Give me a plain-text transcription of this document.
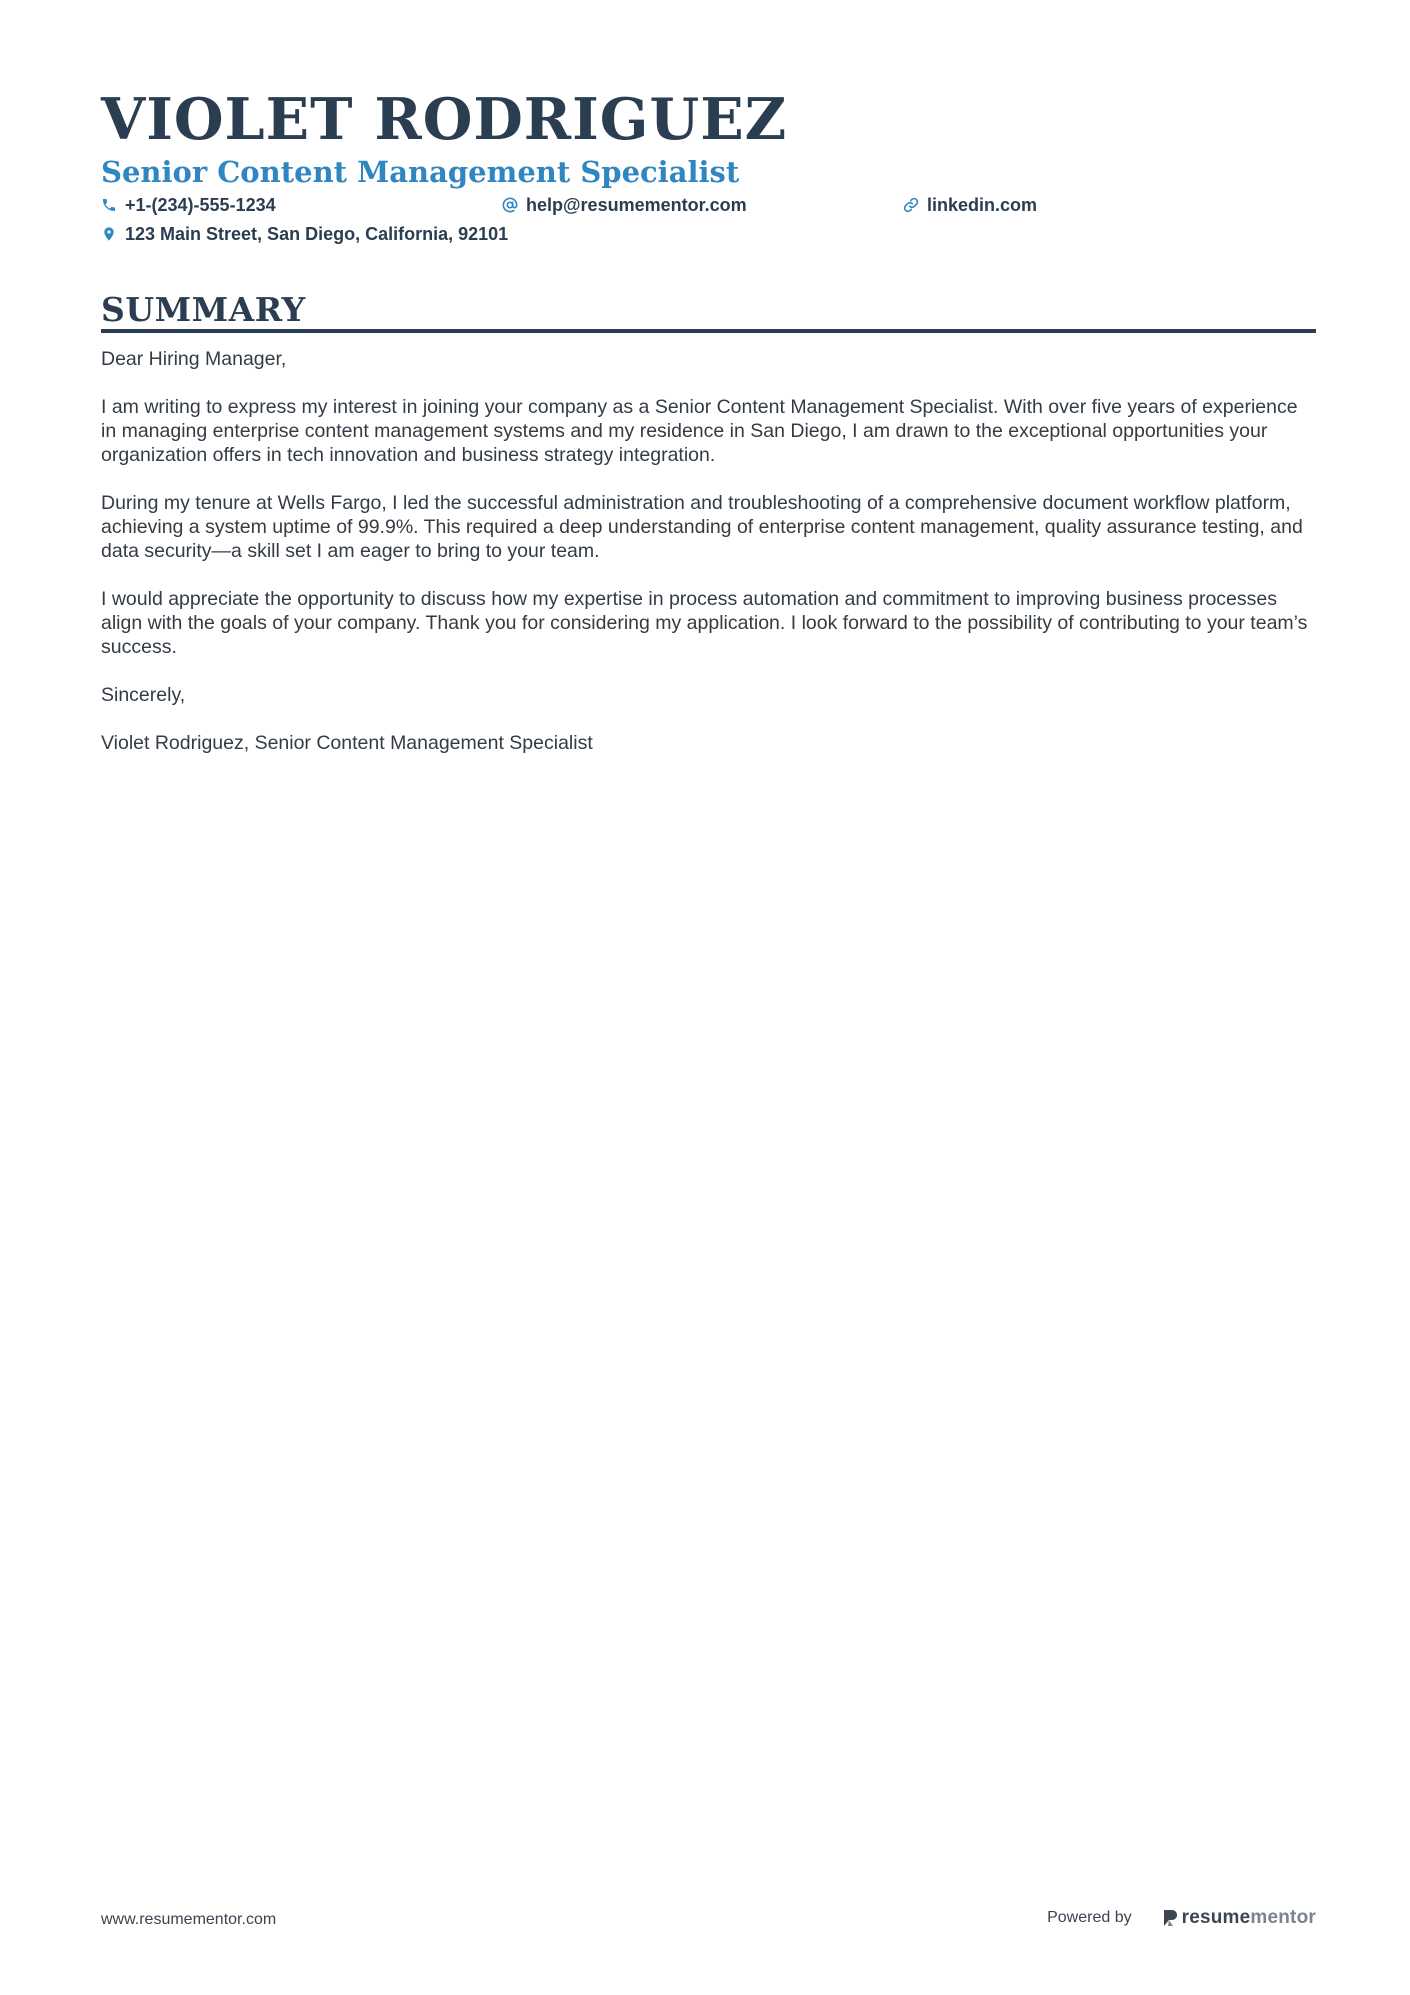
VIOLET RODRIGUEZ
Senior Content Management Specialist
+1-(234)-555-1234	help@resumementor.com	linkedin.com
123 Main Street, San Diego, California, 92101
SUMMARY

Dear Hiring Manager,

I am writing to express my interest in joining your company as a Senior Content Management Specialist. With over five years of experience in managing enterprise content management systems and my residence in San Diego, I am drawn to the exceptional opportunities your organization offers in tech innovation and business strategy integration.

During my tenure at Wells Fargo, I led the successful administration and troubleshooting of a comprehensive document workflow platform, achieving a system uptime of 99.9%. This required a deep understanding of enterprise content management, quality assurance testing, and data security—a skill set I am eager to bring to your team.

I would appreciate the opportunity to discuss how my expertise in process automation and commitment to improving business processes align with the goals of your company. Thank you for considering my application. I look forward to the possibility of contributing to your team’s success.

Sincerely,

Violet Rodriguez, Senior Content Management Specialist

www.resumementor.com	Powered by	resumementor
